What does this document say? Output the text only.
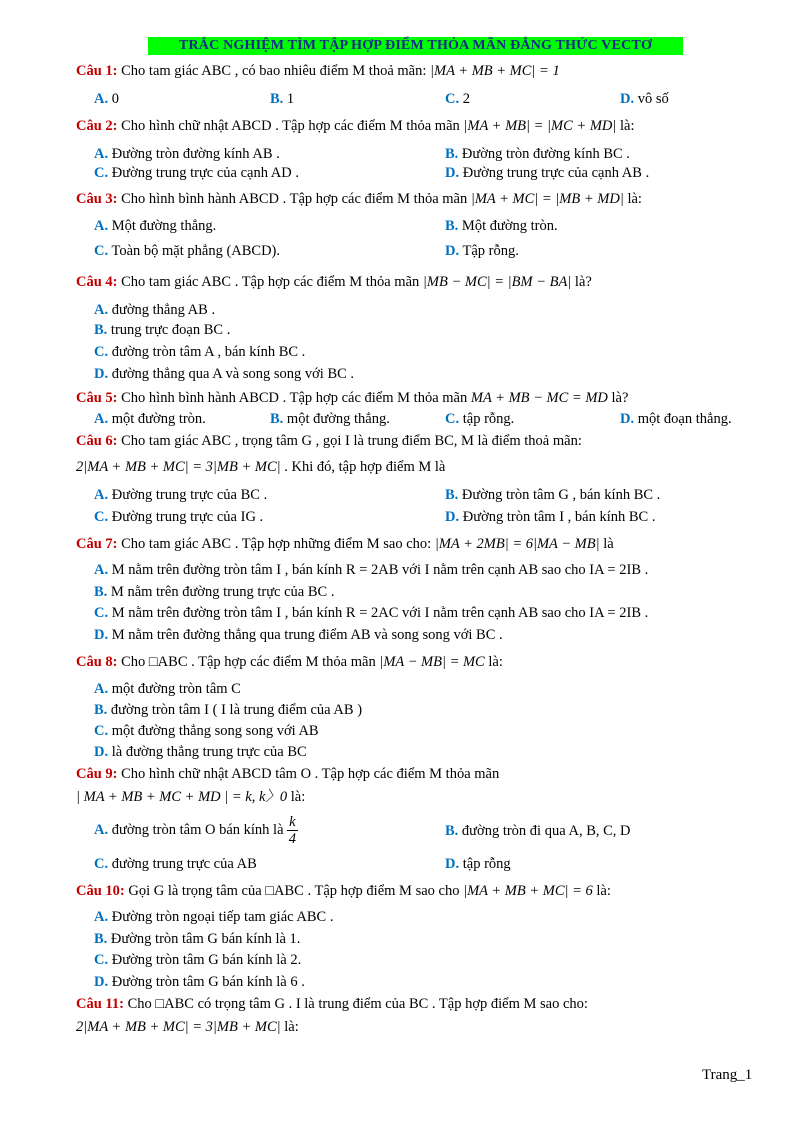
TRẮC NGHIỆM TÌM TẬP HỢP ĐIỂM THỎA MÃN ĐẲNG THỨC VECTƠ
Câu 1: Cho tam giác ABC , có bao nhiêu điểm M thoả mãn: |MA + MB + MC| = 1
A. 0	B. 1	C. 2	D. vô số
Câu 2: Cho hình chữ nhật ABCD . Tập hợp các điểm M thỏa mãn |MA + MB| = |MC + MD| là:
A. Đường tròn đường kính AB .	B. Đường tròn đường kính BC .
C. Đường trung trực của cạnh AD .	D. Đường trung trực của cạnh AB .
Câu 3: Cho hình bình hành ABCD . Tập hợp các điểm M thỏa mãn |MA + MC| = |MB + MD| là:
A. Một đường thẳng.	B. Một đường tròn.
C. Toàn bộ mặt phẳng (ABCD).	D. Tập rỗng.
Câu 4: Cho tam giác ABC . Tập hợp các điểm M thỏa mãn |MB − MC| = |BM − BA| là?
A. đường thẳng AB .
B. trung trực đoạn BC .
C. đường tròn tâm A , bán kính BC .
D. đường thẳng qua A và song song với BC .
Câu 5: Cho hình bình hành ABCD . Tập hợp các điểm M thỏa mãn MA + MB − MC = MD là?
A. một đường tròn.	B. một đường thẳng.	C. tập rỗng.	D. một đoạn thẳng.
Câu 6: Cho tam giác ABC , trọng tâm G , gọi I là trung điểm BC, M là điểm thoả mãn:
2|MA + MB + MC| = 3|MB + MC| . Khi đó, tập hợp điểm M là
A. Đường trung trực của BC .	B. Đường tròn tâm G , bán kính BC .
C. Đường trung trực của IG .	D. Đường tròn tâm I , bán kính BC .
Câu 7: Cho tam giác ABC . Tập hợp những điểm M sao cho: |MA + 2MB| = 6|MA − MB| là
A. M nằm trên đường tròn tâm I , bán kính R = 2AB với I nằm trên cạnh AB sao cho IA = 2IB .
B. M nằm trên đường trung trực của BC .
C. M nằm trên đường tròn tâm I , bán kính R = 2AC với I nằm trên cạnh AB sao cho IA = 2IB .
D. M nằm trên đường thẳng qua trung điểm AB và song song với BC .
Câu 8: Cho □ABC . Tập hợp các điểm M thỏa mãn |MA − MB| = MC là:
A. một đường tròn tâm C
B. đường tròn tâm I ( I là trung điểm của AB )
C. một đường thẳng song song với AB
D. là đường thẳng trung trực của BC
Câu 9: Cho hình chữ nhật ABCD tâm O . Tập hợp các điểm M thỏa mãn
| MA + MB + MC + MD | = k, k〉0 là:
A. đường tròn tâm O bán kính là $\frac{k}{4}$	B. đường tròn đi qua A, B, C, D
C. đường trung trực của AB	D. tập rỗng
Câu 10: Gọi G là trọng tâm của □ABC . Tập hợp điểm M sao cho |MA + MB + MC| = 6 là:
A. Đường tròn ngoại tiếp tam giác ABC .
B. Đường tròn tâm G bán kính là 1.
C. Đường tròn tâm G bán kính là 2.
D. Đường tròn tâm G bán kính là 6 .
Câu 11: Cho □ABC có trọng tâm G . I là trung điểm của BC . Tập hợp điểm M sao cho:
2|MA + MB + MC| = 3|MB + MC| là:
Trang_1
